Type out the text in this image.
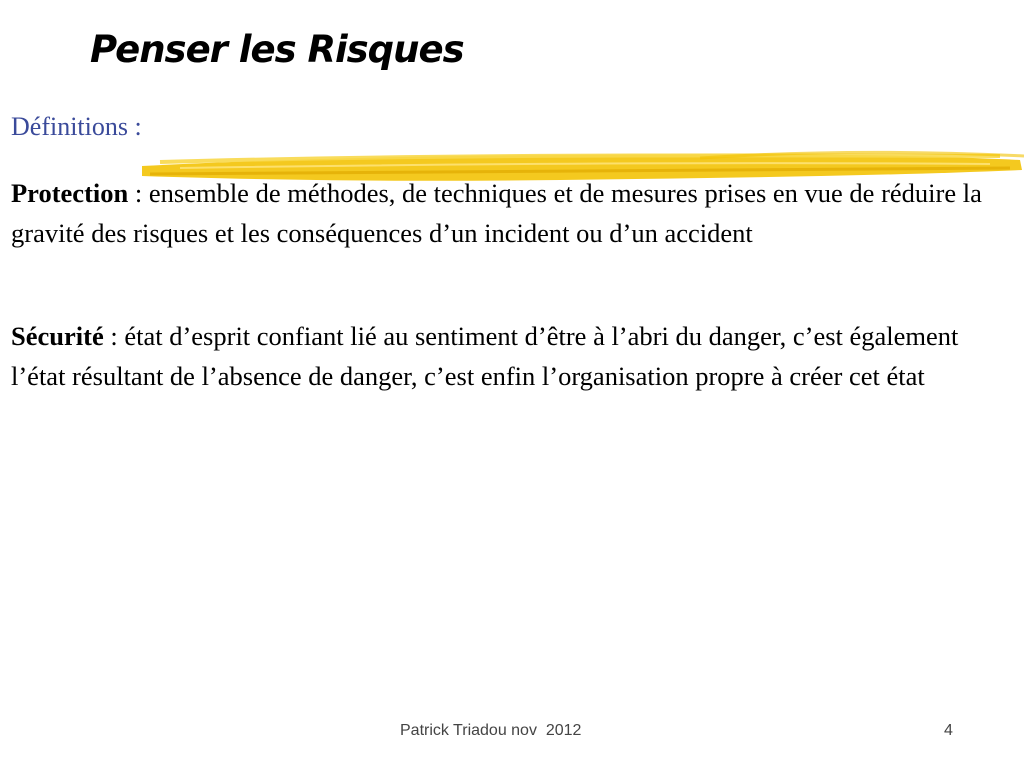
Penser les Risques
Définitions :

Protection : ensemble de méthodes, de techniques et de mesures prises en vue de réduire la gravité des risques et les conséquences d’un incident ou d’un accident

Sécurité : état d’esprit confiant lié au sentiment d’être à l’abri du danger, c’est également l’état résultant de l’absence de danger, c’est enfin l’organisation propre à créer cet état

Patrick Triadou nov  2012	4
